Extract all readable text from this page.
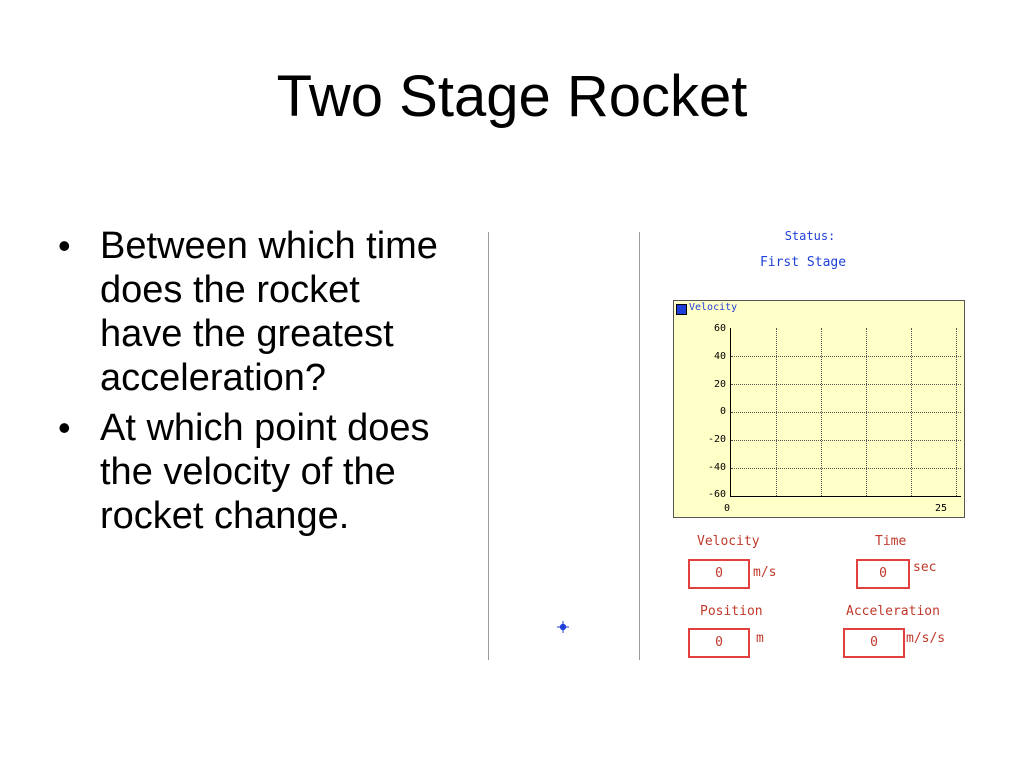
Two Stage Rocket
• Between which time does the rocket have the greatest acceleration?
• At which point does the velocity of the rocket change.
Status:
First Stage
Velocity
60
40
20
0
-20
-40
-60
0	25
Velocity
0	m/s
Time
0	sec
Position
0	m
Acceleration
0	m/s/s
